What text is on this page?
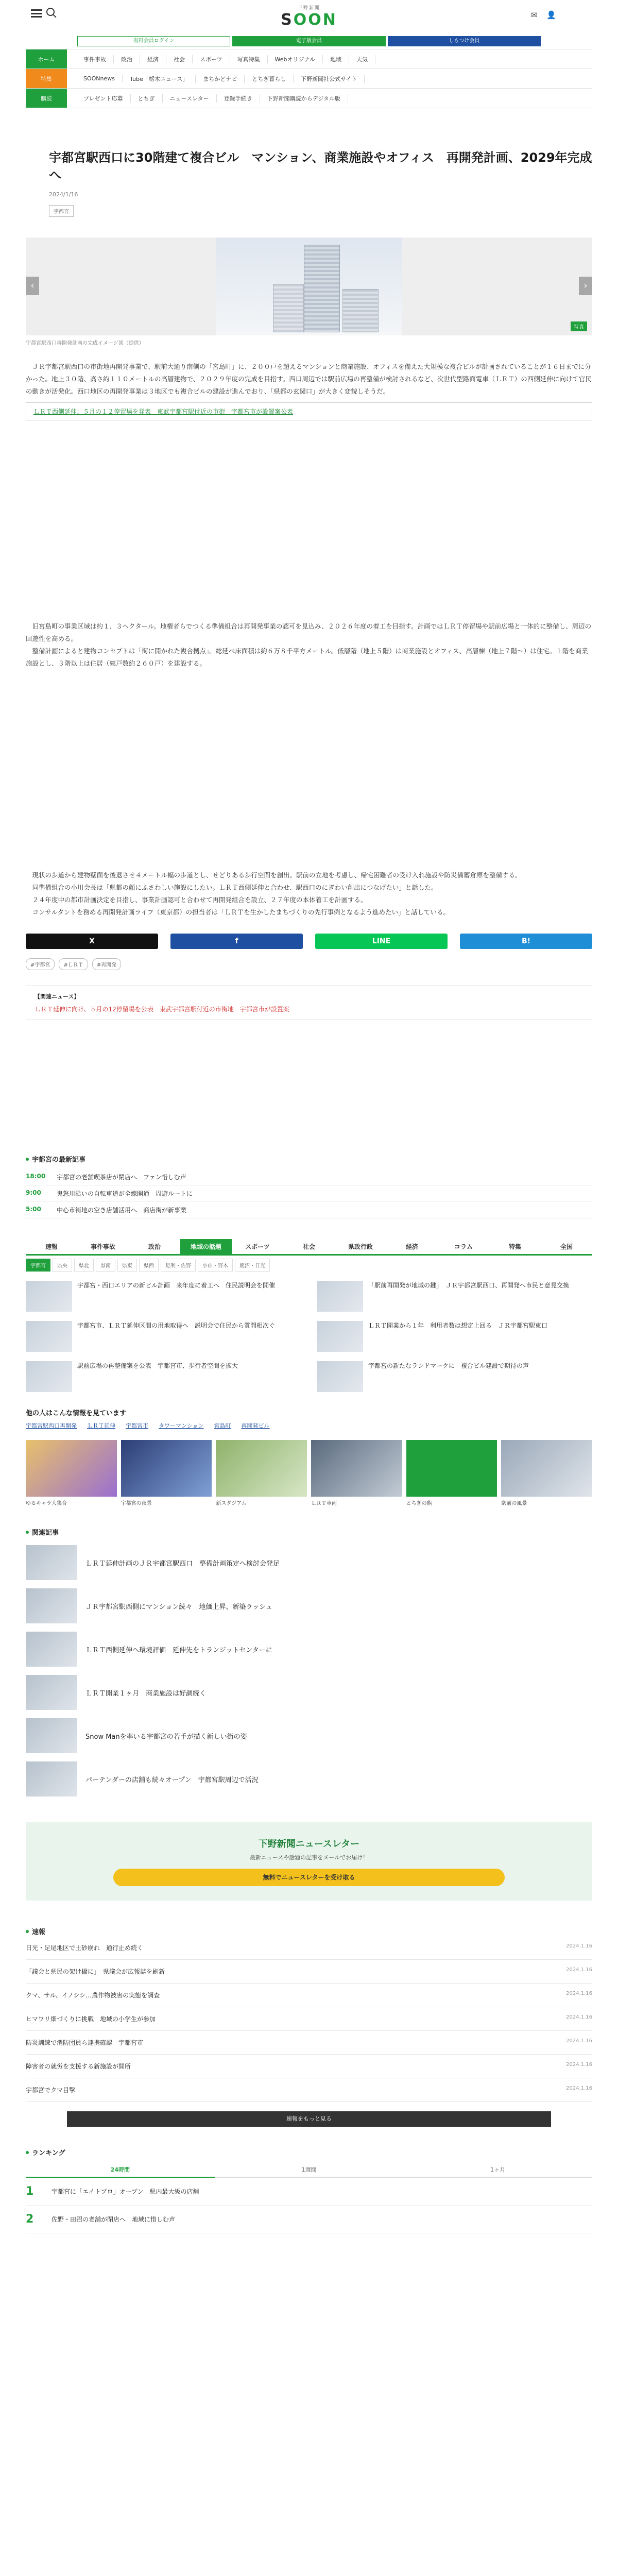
下野新聞
SOON	✉ 👤
有料会員ログイン	電子版会員	しもつけ会員
ホーム	事件事故	政治	経済	社会	スポーツ	写真特集	Webオリジナル	地域	天気
特集	SOONnews	Tube「栃木ニュース」	まちかどナビ	とちぎ暮らし	下野新聞社公式サイト
購読	プレゼント応募	とちぎ	ニュースレター	登録手続き	下野新聞購読からデジタル版
宇都宮駅西口に30階建て複合ビル　マンション、商業施設やオフィス　再開発計画、2029年完成へ
2024/1/16
宇都宮
‹	›
写真
宇都宮駅西口再開発計画の完成イメージ図（提供）

ＪＲ宇都宮駅西口の市街地再開発事業で、駅前大通り南側の「宮島町」に、２００戸を超えるマンションと商業施設、オフィスを備えた大規模な複合ビルが計画されていることが１６日までに分かった。地上３０階、高さ約１１０メートルの高層建物で、２０２９年度の完成を目指す。西口周辺では駅前広場の再整備が検討されるなど、次世代型路面電車（ＬＲＴ）の西側延伸に向けて官民の動きが活発化。西口地区の再開発事業は３地区でも複合ビルの建設が進んでおり、「県都の玄関口」が大きく変貌しそうだ。

ＬＲＴ西側延伸、５月の１２停留場を発表　東武宇都宮駅付近の市街　宇都宮市が設置案公表

旧宮島町の事業区域は約１．３ヘクタール。地権者らでつくる準備組合は再開発事業の認可を見込み、２０２６年度の着工を目指す。計画ではＬＲＴ停留場や駅前広場と一体的に整備し、周辺の回遊性を高める。

整備計画によると建物コンセプトは「街に開かれた複合拠点」。総延べ床面積は約６万８千平方メートル。低層階（地上５階）は商業施設とオフィス、高層棟（地上７階〜）は住宅。１階を商業施設とし、３階以上は住居（総戸数約２６０戸）を建設する。

現状の歩道から建物壁面を後退させ４メートル幅の歩道とし、せどりある歩行空間を創出。駅前の立地を考慮し、帰宅困難者の受け入れ施設や防災備蓄倉庫を整備する。

同準備組合の小川会長は「県都の顔にふさわしい施設にしたい。ＬＲＴ西側延伸と合わせ、駅西口のにぎわい創出につなげたい」と話した。

２４年度中の都市計画決定を目指し、事業計画認可と合わせて再開発組合を設立、２７年度の本体着工を計画する。

コンサルタントを務める再開発計画ライフ（東京都）の担当者は「ＬＲＴを生かしたまちづくりの先行事例となるよう進めたい」と話している。

X	f	LINE	B!
#宇都宮	#ＬＲＴ	#再開発
【関連ニュース】
ＬＲＴ延伸に向け、５月の12停留場を公表　東武宇都宮駅付近の市街地　宇都宮市が設置案
宇都宮の最新記事
18:00 宇都宮の老舗喫茶店が閉店へ　ファン惜しむ声
9:00	鬼怒川沿いの自転車道が全線開通　周遊ルートに
5:00	中心市街地の空き店舗活用へ　商店街が新事業
速報	事件事故	政治	地域の話題	スポーツ	社会	県政行政	経済	コラム	特集	全国
宇都宮	県央	県北	県南	県東	県西	足利・佐野	小山・野木	鹿沼・日光
宇都宮・西口エリアの新ビル計画　来年度に着工へ　住民説明会を開催	「駅前再開発が地域の鍵」　ＪＲ宇都宮駅西口、再開発へ市民と意見交換
宇都宮市、ＬＲＴ延伸区間の用地取得へ　説明会で住民から質問相次ぐ	ＬＲＴ開業から１年　利用者数は想定上回る　ＪＲ宇都宮駅東口
駅前広場の再整備案を公表　宇都宮市、歩行者空間を拡大	宇都宮の新たなランドマークに　複合ビル建設で期待の声
他の人はこんな情報を見ています
宇都宮駅西口再開発 ＬＲＴ延伸 宇都宮市 タワーマンション 宮島町 再開発ビル
ゆるキャラ大集合	宇都宮の夜景	新スタジアム	ＬＲＴ車両	とちぎの熊	駅前の風景
関連記事
ＬＲＴ延伸計画のＪＲ宇都宮駅西口　整備計画策定へ検討会発足
ＪＲ宇都宮駅西側にマンション続々　地価上昇、新築ラッシュ
ＬＲＴ西側延伸へ環境評価　延伸先をトランジットセンターに
ＬＲＴ開業１ヶ月　商業施設は好調続く
Snow Manを率いる宇都宮の若手が描く新しい街の姿
パーテンダーの店舗も続々オープン　宇都宮駅周辺で活況
下野新聞ニュースレター
最新ニュースや話題の記事をメールでお届け！
無料でニュースレターを受け取る
速報
日光・足尾地区で土砂崩れ　通行止め続く	2024.1.16
「議会と県民の架け橋に」　県議会が広報誌を刷新	2024.1.16
クマ、サル、イノシシ…農作物被害の実態を調査	2024.1.16
ヒマワリ畑づくりに挑戦　地域の小学生が参加	2024.1.16
防災訓練で消防団員ら連携確認　宇都宮市	2024.1.16
障害者の就労を支援する新施設が開所	2024.1.16
宇都宮でクマ目撃	2024.1.16
速報をもっと見る
ランキング
24時間	1週間	1ヶ月
1	宇都宮に「エイトプロ」オープン　県内最大級の店舗
2	佐野・田沼の老舗が閉店へ　地域に惜しむ声
